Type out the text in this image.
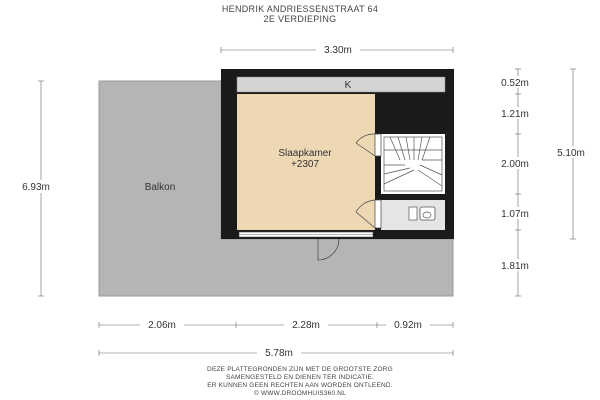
HENDRIK ANDRIESSENSTRAAT 64
2E VERDIEPING
K
Slaapkamer
+2307
Balkon
3.30m
6.93m
0.52m
1.21m
2.00m
1.07m
1.81m
5.10m
2.06m	2.28m	0.92m
5.78m
DEZE PLATTEGRONDEN ZIJN MET DE GROOTSTE ZORG
SAMENGESTELD EN DIENEN TER INDICATIE.
ER KUNNEN GEEN RECHTEN AAN WORDEN ONTLEEND.
© WWW.DROOMHUIS360.NL
